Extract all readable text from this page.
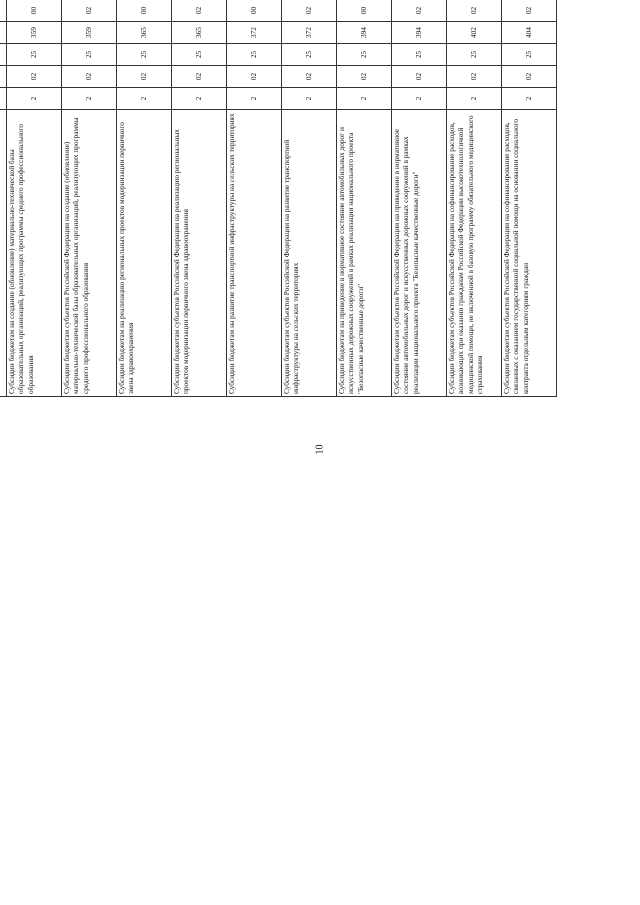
10

Субсидии бюджетам на создание (обновление) материально-технической базы образовательных организаций, реализующих программы среднего профессионального образования	2	02	25	359	00					
Субсидии бюджетам субъектов Российской Федерации на создание (обновление) материально-технической базы образовательных организаций, реализующих программы среднего профессионального образования	2	02	25	359	02					
Субсидии бюджетам на реализацию региональных проектов модернизации первичного звена здравоохранения	2	02	25	365	00					
Субсидии бюджетам субъектов Российской Федерации на реализацию региональных проектов модернизации первичного звена здравоохранения	2	02	25	365	02					
Субсидии бюджетам на развитие транспортной инфраструктуры на сельских территориях	2	02	25	372	00					
Субсидии бюджетам субъектов Российской Федерации на развитие транспортной инфраструктуры на сельских территориях	2	02	25	372	02					
Субсидии бюджетам на приведение в нормативное состояние автомобильных дорог и искусственных дорожных сооружений в рамках реализации национального проекта "Безопасные качественные дороги"	2	02	25	394	00					
Субсидии бюджетам субъектов Российской Федерации на приведение в нормативное состояние автомобильных дорог и искусственных дорожных сооружений в рамках реализации национального проекта "Безопасные качественные дороги"	2	02	25	394	02					
Субсидии бюджетам субъектов Российской Федерации на софинансирование расходов, возникающих при оказании гражданам Российской Федерации высокотехнологичной медицинской помощи, не включенной в базовую программу обязательного медицинского страхования	2	02	25	402	02					
Субсидии бюджетам субъектов Российской Федерации на софинансирование расходов, связанных с оказанием государственной социальной помощи на основании социального контракта отдельным категориям граждан	2	02	25	404	02					
